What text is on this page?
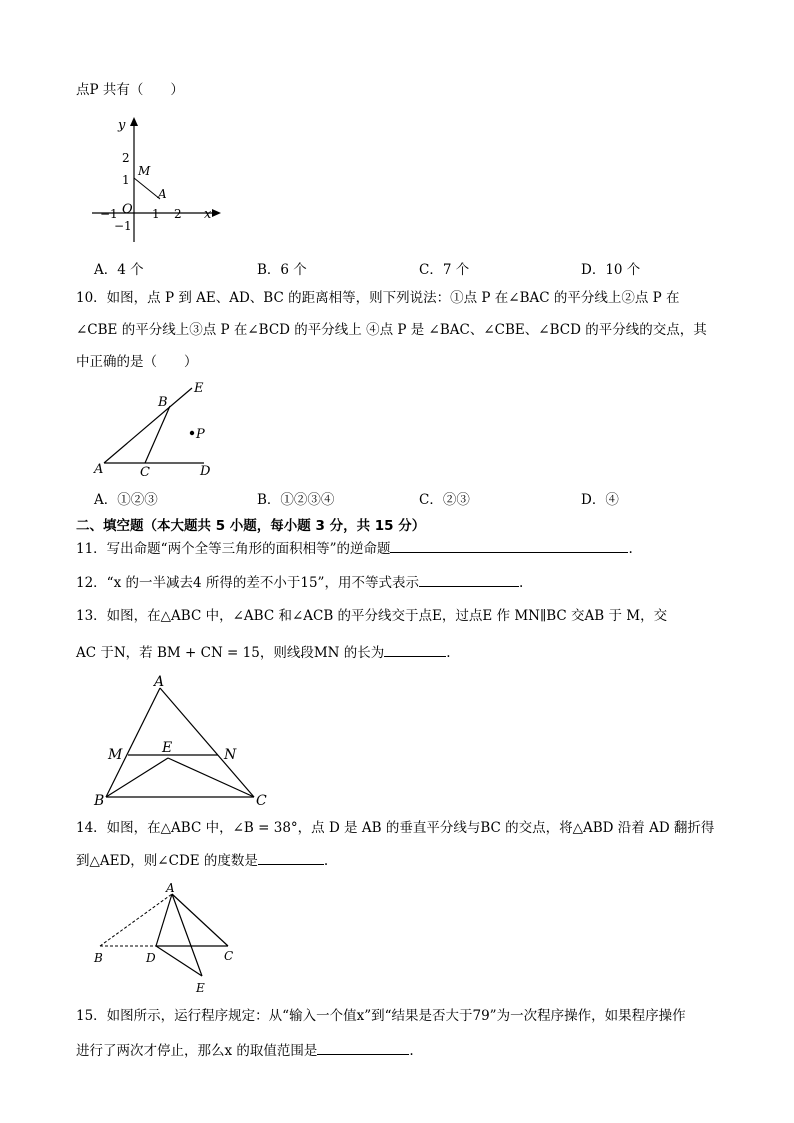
点P 共有（　　）
y
x
O
M
A
2
1
−1
1 2
−1
A．4 个	B．6 个	C．7 个	D．10 个
10．如图，点 P 到 AE、AD、BC 的距离相等，则下列说法：①点 P 在∠BAC 的平分线上②点 P 在
∠CBE 的平分线上③点 P 在∠BCD 的平分线上 ④点 P 是 ∠BAC、∠CBE、∠BCD 的平分线的交点，其
中正确的是（　　）
A
B
C	D
E
P
A．①②③	B．①②③④	C．②③	D．④
二、填空题（本大题共 5 小题，每小题 3 分，共 15 分）
11．写出命题“两个全等三角形的面积相等”的逆命题	.
12．“x 的一半减去4 所得的差不小于15”，用不等式表示	.
13．如图，在△ABC 中，∠ABC 和∠ACB 的平分线交于点E，过点E 作 MN∥BC 交AB 于 M，交
AC 于N，若 BM + CN = 15，则线段MN 的长为	.
A
B	C
M	N
E
14．如图，在△ABC 中，∠B = 38°，点 D 是 AB 的垂直平分线与BC 的交点，将△ABD 沿着 AD 翻折得
到△AED，则∠CDE 的度数是	.
A
B	D	C
E
15．如图所示，运行程序规定：从“输入一个值x”到“结果是否大于79”为一次程序操作，如果程序操作
进行了两次才停止，那么x 的取值范围是	.
